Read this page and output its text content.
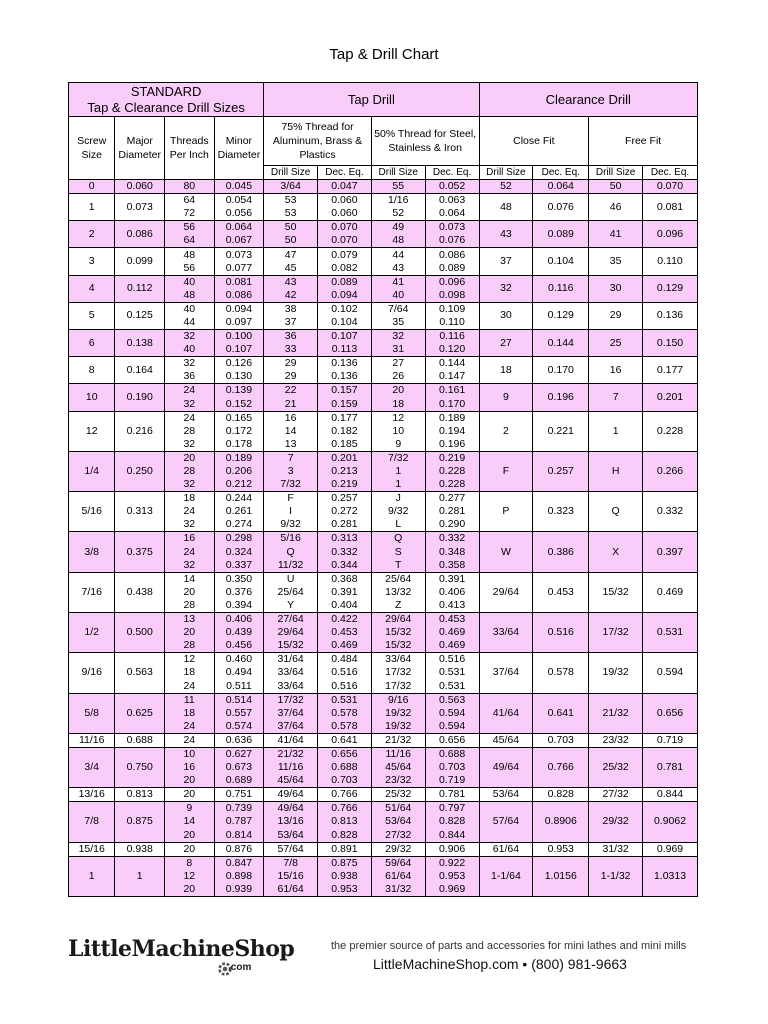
Tap & Drill Chart
STANDARD
Tap & Clearance Drill Sizes				Tap Drill				Clearance Drill			
Screw Size	Major Diameter	Threads Per Inch	Minor Diameter	75% Thread for Aluminum, Brass & Plastics		50% Thread for Steel, Stainless & Iron		Close Fit		Free Fit	
				Drill Size	Dec. Eq.	Drill Size	Dec. Eq.	Drill Size	Dec. Eq.	Drill Size	Dec. Eq.
0	0.060	80	0.045	3/64	0.047	55	0.052	52	0.064	50	0.070
1	0.073	64	0.054	53	0.060	1/16	0.063	48	0.076	46	0.081
		72	0.056	53	0.060	52	0.064				
2	0.086	56	0.064	50	0.070	49	0.073	43	0.089	41	0.096
		64	0.067	50	0.070	48	0.076				
3	0.099	48	0.073	47	0.079	44	0.086	37	0.104	35	0.110
		56	0.077	45	0.082	43	0.089				
4	0.112	40	0.081	43	0.089	41	0.096	32	0.116	30	0.129
		48	0.086	42	0.094	40	0.098				
5	0.125	40	0.094	38	0.102	7/64	0.109	30	0.129	29	0.136
		44	0.097	37	0.104	35	0.110				
6	0.138	32	0.100	36	0.107	32	0.116	27	0.144	25	0.150
		40	0.107	33	0.113	31	0.120				
8	0.164	32	0.126	29	0.136	27	0.144	18	0.170	16	0.177
		36	0.130	29	0.136	26	0.147				
10	0.190	24	0.139	22	0.157	20	0.161	9	0.196	7	0.201
		32	0.152	21	0.159	18	0.170				
12	0.216	24	0.165	16	0.177	12	0.189	2	0.221	1	0.228
		28	0.172	14	0.182	10	0.194				
		32	0.178	13	0.185	9	0.196				
1/4	0.250	20	0.189	7	0.201	7/32	0.219	F	0.257	H	0.266
		28	0.206	3	0.213	1	0.228				
		32	0.212	7/32	0.219	1	0.228				
5/16	0.313	18	0.244	F	0.257	J	0.277	P	0.323	Q	0.332
		24	0.261	I	0.272	9/32	0.281				
		32	0.274	9/32	0.281	L	0.290				
3/8	0.375	16	0.298	5/16	0.313	Q	0.332	W	0.386	X	0.397
		24	0.324	Q	0.332	S	0.348				
		32	0.337	11/32	0.344	T	0.358				
7/16	0.438	14	0.350	U	0.368	25/64	0.391	29/64	0.453	15/32	0.469
		20	0.376	25/64	0.391	13/32	0.406				
		28	0.394	Y	0.404	Z	0.413				
1/2	0.500	13	0.406	27/64	0.422	29/64	0.453	33/64	0.516	17/32	0.531
		20	0.439	29/64	0.453	15/32	0.469				
		28	0.456	15/32	0.469	15/32	0.469				
9/16	0.563	12	0.460	31/64	0.484	33/64	0.516	37/64	0.578	19/32	0.594
		18	0.494	33/64	0.516	17/32	0.531				
		24	0.511	33/64	0.516	17/32	0.531				
5/8	0.625	11	0.514	17/32	0.531	9/16	0.563	41/64	0.641	21/32	0.656
		18	0.557	37/64	0.578	19/32	0.594				
		24	0.574	37/64	0.578	19/32	0.594				
11/16	0.688	24	0.636	41/64	0.641	21/32	0.656	45/64	0.703	23/32	0.719
3/4	0.750	10	0.627	21/32	0.656	11/16	0.688	49/64	0.766	25/32	0.781
		16	0.673	11/16	0.688	45/64	0.703				
		20	0.689	45/64	0.703	23/32	0.719				
13/16	0.813	20	0.751	49/64	0.766	25/32	0.781	53/64	0.828	27/32	0.844
7/8	0.875	9	0.739	49/64	0.766	51/64	0.797	57/64	0.8906	29/32	0.9062
		14	0.787	13/16	0.813	53/64	0.828				
		20	0.814	53/64	0.828	27/32	0.844				
15/16	0.938	20	0.876	57/64	0.891	29/32	0.906	61/64	0.953	31/32	0.969
1	1	8	0.847	7/8	0.875	59/64	0.922	1-1/64	1.0156	1-1/32	1.0313
		12	0.898	15/16	0.938	61/64	0.953				
		20	0.939	61/64	0.953	31/32	0.969				
LittleMachineShop
.com
the premier source of parts and accessories for mini lathes and mini mills
LittleMachineShop.com • (800) 981-9663
